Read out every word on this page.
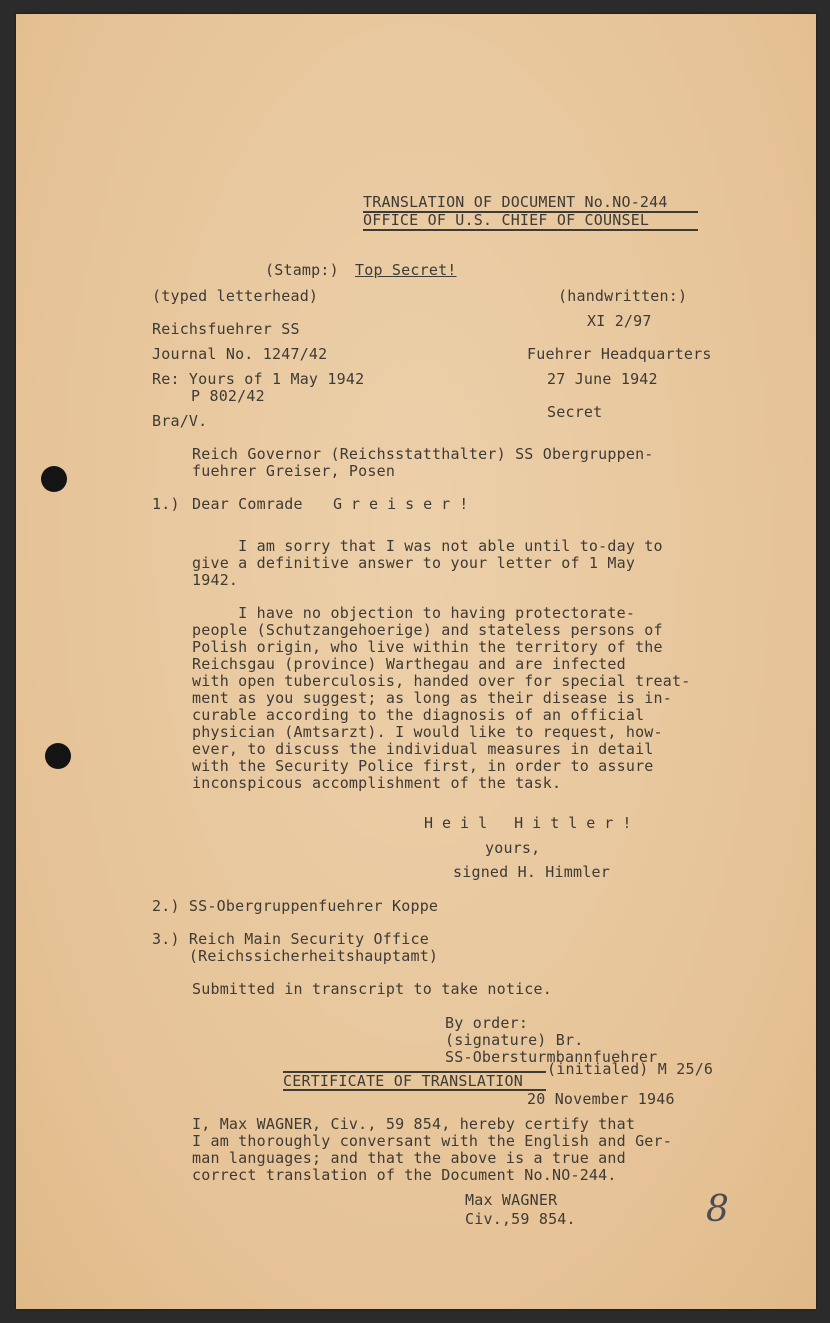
TRANSLATION OF DOCUMENT No.NO-244
OFFICE OF U.S. CHIEF OF COUNSEL
(Stamp:) Top Secret!
(typed letterhead)
Reichsfuehrer SS
Journal No. 1247/42
Re: Yours of 1 May 1942
P 802/42
Bra/V.
(handwritten:)
XI 2/97
Fuehrer Headquarters
27 June 1942
Secret
Reich Governor (Reichsstatthalter) SS Obergruppen-
fuehrer Greiser, Posen
1.) Dear Comrade Greiser!
I am sorry that I was not able until to-day to
give a definitive answer to your letter of 1 May
1942.
I have no objection to having protectorate-
people (Schutzangehoerige) and stateless persons of
Polish origin, who live within the territory of the
Reichsgau (province) Warthegau and are infected
with open tuberculosis, handed over for special treat-
ment as you suggest; as long as their disease is in-
curable according to the diagnosis of an official
physician (Amtsarzt). I would like to request, how-
ever, to discuss the individual measures in detail
with the Security Police first, in order to assure
inconspicous accomplishment of the task.
Heil Hitler!
yours,
signed H. Himmler
2.) SS-Obergruppenfuehrer Koppe
3.) Reich Main Security Office
(Reichssicherheitshauptamt)
Submitted in transcript to take notice.
By order:
(signature) Br.
SS-Obersturmbannfuehrer
(initialed) M 25/6
CERTIFICATE OF TRANSLATION
20 November 1946
I, Max WAGNER, Civ., 59 854, hereby certify that
I am thoroughly conversant with the English and Ger-
man languages; and that the above is a true and
correct translation of the Document No.NO-244.
Max WAGNER
Civ.,59 854.	8
